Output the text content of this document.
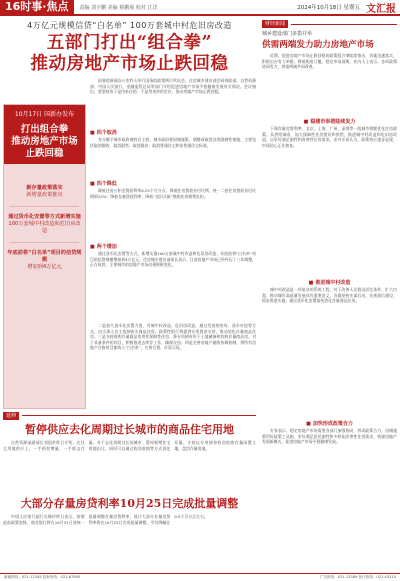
16时事·焦点	责编 刘宇鹏 美编 蔡鹏展 校对 江洋	2024年10月18日 星期五 文汇报
4万亿元规模信贷“白名单” 100万套城中村危旧房改造
五部门打出“组合拳”
推动房地产市场止跌回稳
国务院新闻办公室昨天举行国务院政策例行吹风会。住房城乡建设部会同财政部、自然资源部、中国人民银行、金融监管总局等部门介绍促进房地产市场平稳健康发展有关情况。会议指出，要坚持房子是用来住的、不是用来炒的定位，推动房地产市场止跌回稳。
■ 四个取消
充分赋予城市政府调控自主权，城市政府要因城施策、调整或取消各类限制性措施，主要包括取消限购、取消限售、取消限价、取消普通住宅和非普通住宅标准。
■ 四个降低
降低住房公积金贷款利率0.25个百分点；降低住房贷款首付比例，统一二套住房贷款首付比例到15%；降低存量贷款利率；降低“卖旧买新”换购住房税费负担。
■ 两个增加
通过货币化安置等方式，新增实施100万套城中村改造和危旧房改造；年底前将“白名单”项目的信贷规模增加到4万亿元。住房城乡建设部部长表示，目前房地产市场已经经历了三年调整，正在筑底，主要城市的房地产市场出现积极变化。
二是加大货币化安置力度，对城中村改造、危旧房改造，通过发放购房券、货币补偿等方式，由当事人自主选择购买商品住房。政策性银行将提供专项贷款支持，推动消化存量商品住房。三是支持收购存量商品房用作保障性住房，将专项债券用于土地储备和收购存量商品房。对于具备条件的项目，积极推进去库存工作，确保交房。四是完善房地产融资协调机制，将所有房地产合格项目都纳入“白名单”，应贷尽贷、应延尽延。
10月17日 国新办发布
打出组合拳
推动房地产市场
止跌回稳
新存量政策落实
新增量政策推出
通过货币化安置等方式新增实施
100万套城中村改造和危旧房改造
年底前将“白名单”项目的信贷规模
增加到4万亿元
财经新闻
城乡建设部门多措并举
供需两端发力助力房地产市场
近期，促进房地产市场止跌回稳的政策组合拳陆续推出，各地迅速落实，积极出台有力举措，降低购房门槛，稳定市场预期。业内人士表示，各项政策协同发力，供需两端共同改善。
■ 稳楼市举措陆续发力
下调存量房贷利率，北京、上海、广州、深圳等一线城市相继优化住房政策。从供给端看，加大保障性住房建设和供给，推进城中村改造和危旧房改造，以更好满足刚性和改善性住房需求。业内专家认为，政策效应逐步显现，市场信心正在恢复。
■ 推进城中村改造
城中村改造是一项复杂的系统工程，对于改善人民群众居住条件、扩大内需、推动城市高质量发展具有重要意义。各地坚持先谋后动、先规划后建设，稳步推进实施，通过货币化安置加快消化存量商品住房。
■ 加快形成政策合力
专家表示，稳定房地产市场需要各部门加强协同，形成政策合力，因城施策用好政策工具箱，更好满足居民刚性和多样化改善性住房需求，构建房地产发展新模式，促进房地产市场平稳健康发展。
延伸
暂停供应去化周期过长城市的商品住宅用地
自然资源部副部长刘国洪昨日介绍，在住宅用地供应上，一手抓控增量，一手抓去存量。对于去化周期过长的城市，暂停新增住宅用地出让，同时可以通过收回收购等方式消化存量。支持以专项债券收回收购存量闲置土地，盘活存量用地。
大部分存量房贷利率10月25日完成批量调整
中国人民银行副行长陶玲昨日表示，按照此前政策安排，商业银行将在10月31日前统一批量调整存量房贷利率，预计大部分存量房贷利率将在10月25日完成批量调整，平均降幅在0.5个百分点左右。
新闻热线：021-12345 投诉热线：021-67890	广告热线：021-12389 发行热线：021-43210
